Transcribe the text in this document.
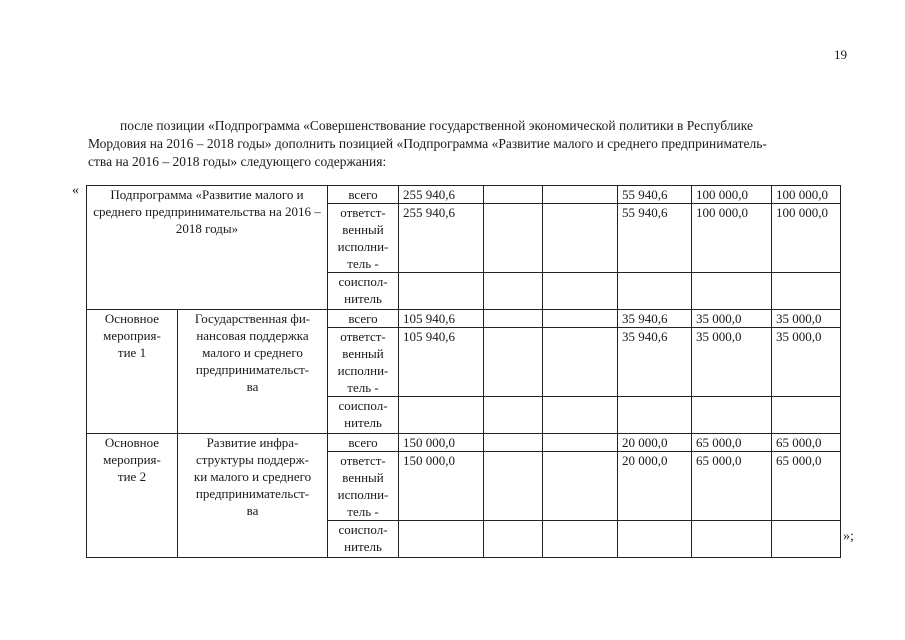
19
после позиции «Подпрограмма «Совершенствование государственной экономической политики в Республике
Мордовия на 2016 – 2018 годы» дополнить позицией «Подпрограмма «Развитие малого и среднего предприниматель-
ства на 2016 – 2018 годы» следующего содержания:
« Подпрограмма «Развитие малого и среднего предпринимательства на 2016 – 2018 годы»		всего	255 940,6			55 940,6	100 000,0	100 000,0
		ответст-
венный
исполни-
тель -	255 940,6			55 940,6	100 000,0	100 000,0
		соиспол-
нитель						
Основное
мероприя-
тие 1	Государственная фи-
нансовая поддержка
малого и среднего
предпринимательст-
ва	всего	105 940,6			35 940,6	35 000,0	35 000,0
		ответст-
венный
исполни-
тель -	105 940,6			35 940,6	35 000,0	35 000,0
		соиспол-
нитель						
Основное
мероприя-
тие 2	Развитие инфра-
структуры поддерж-
ки малого и среднего
предпринимательст-
ва	всего	150 000,0			20 000,0	65 000,0	65 000,0
		ответст-
венный
исполни-
тель -	150 000,0			20 000,0	65 000,0	65 000,0
		соиспол-
нитель						
»;
